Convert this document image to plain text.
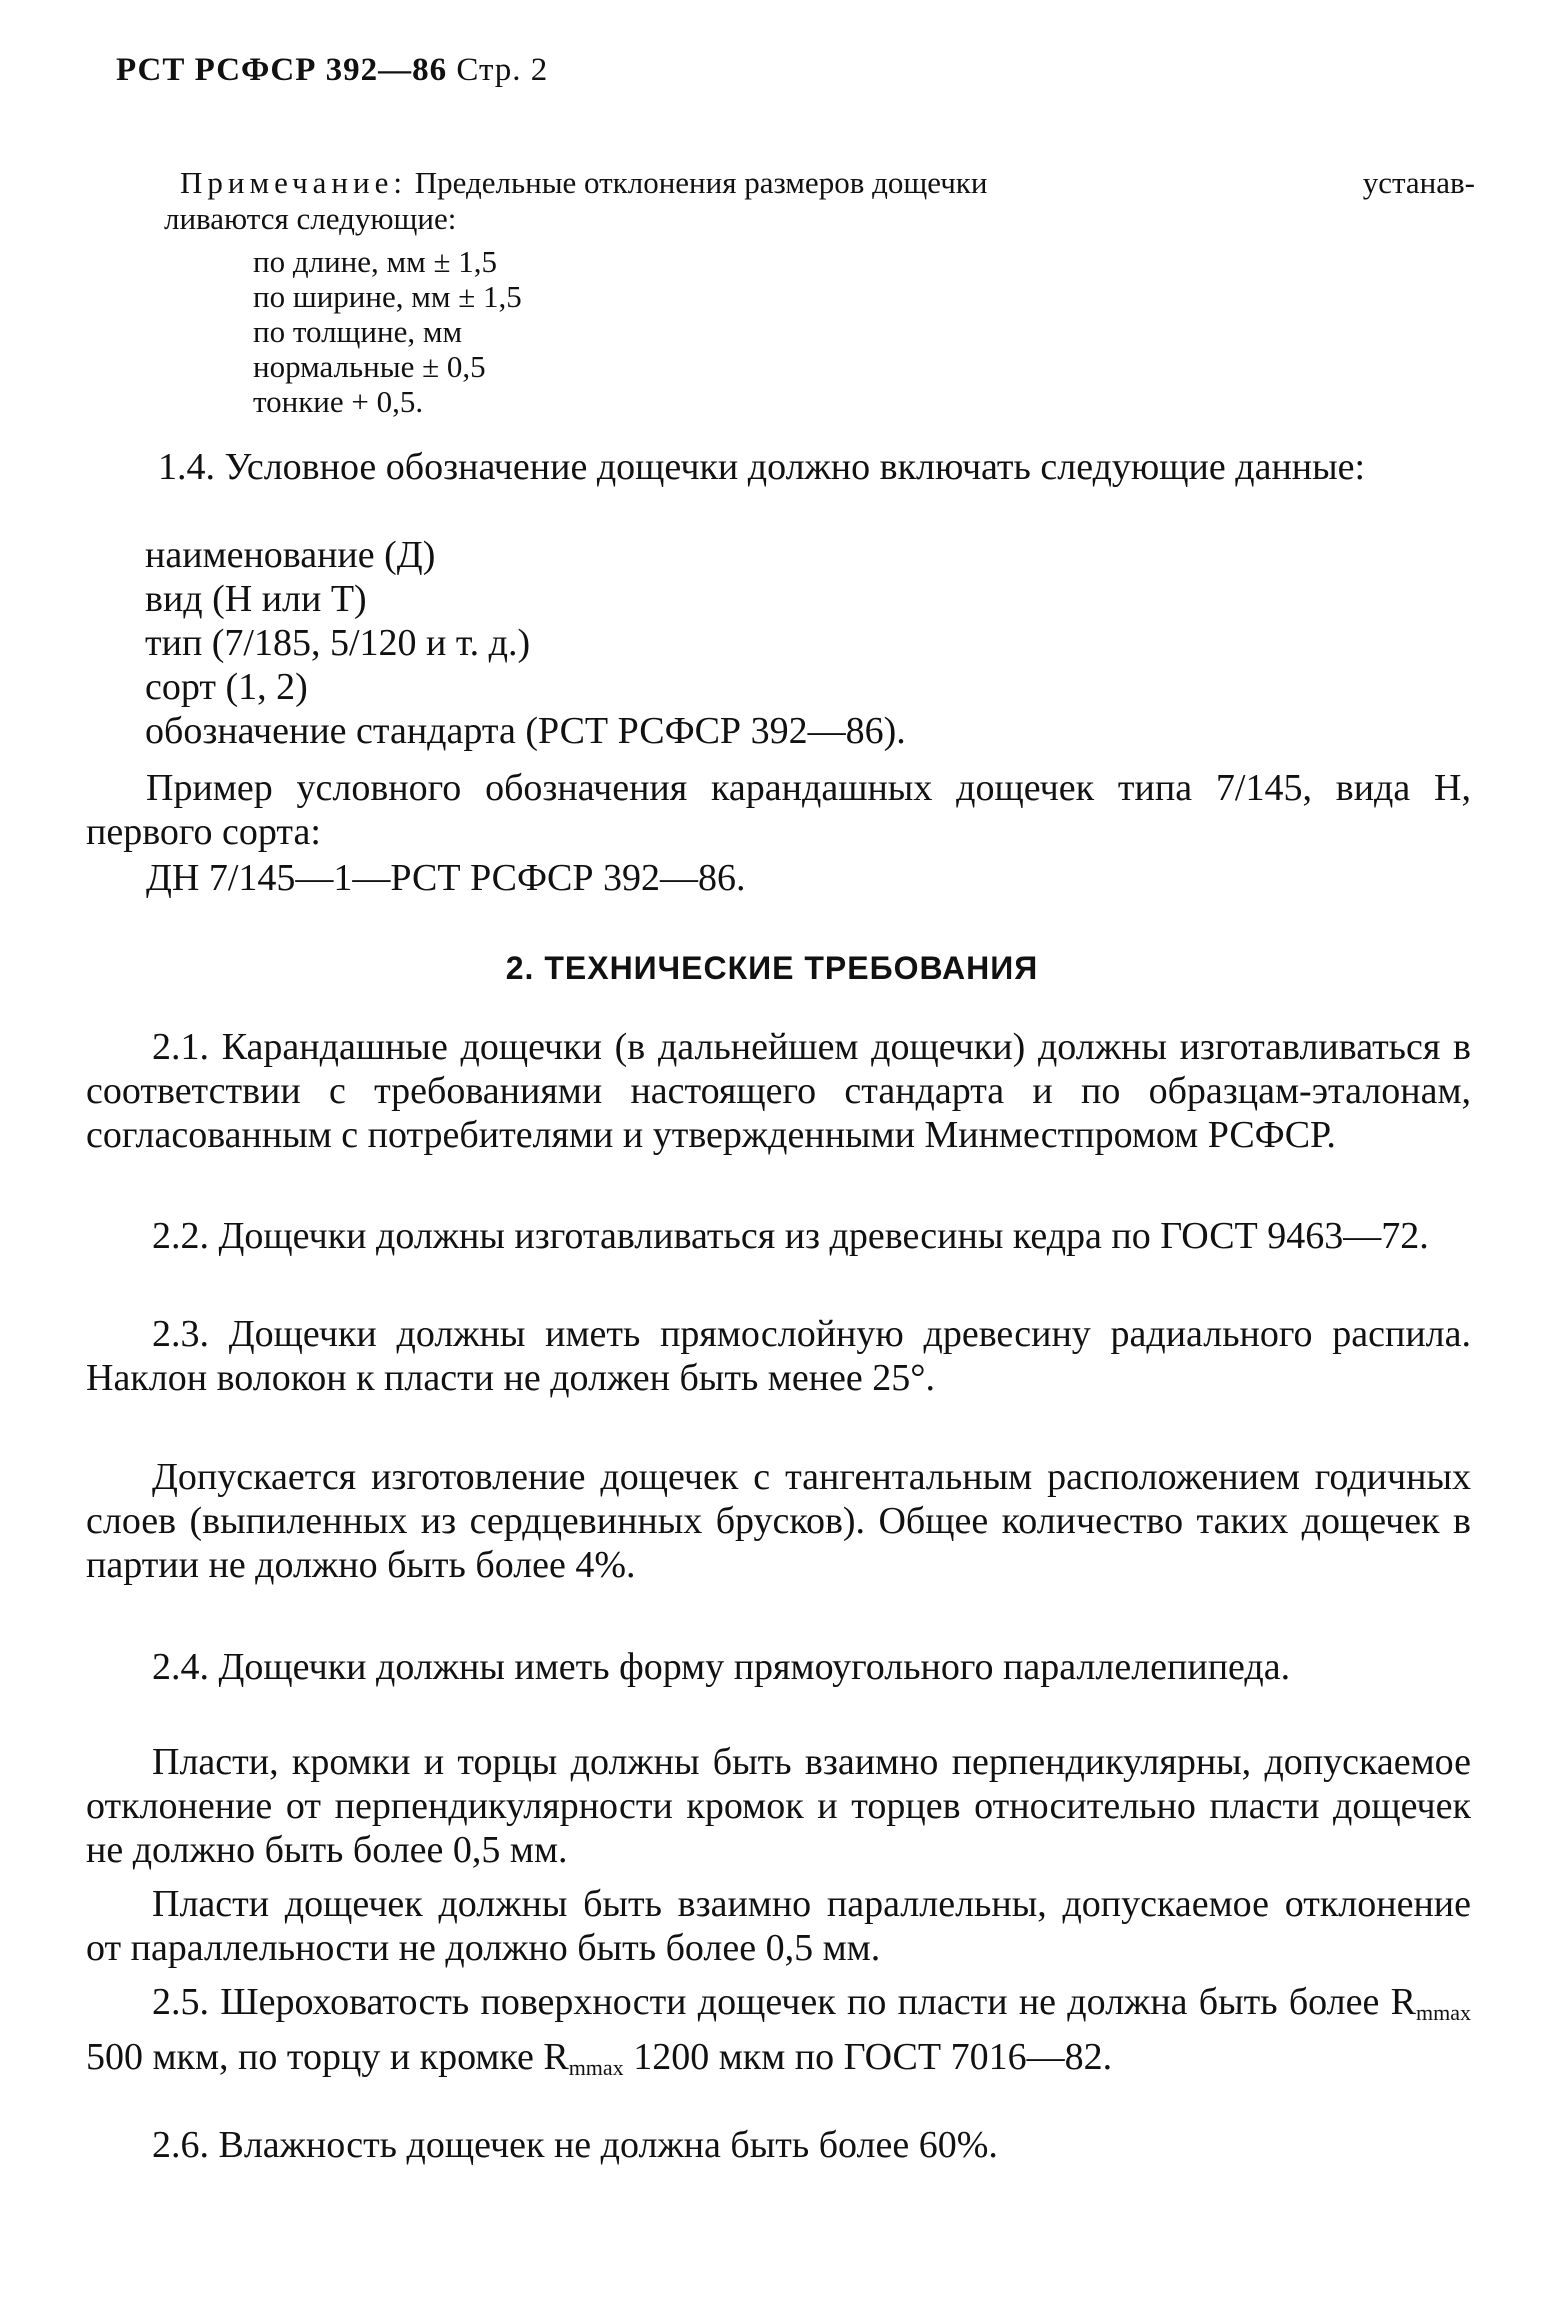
РСТ РСФСР 392—86 Стр. 2
Примечание: Предельные отклонения размеров дощечки	устанав-
ливаются следующие:
по длине, мм ± 1,5
по ширине, мм ± 1,5
по толщине, мм
нормальные ± 0,5
тонкие + 0,5.
1.4. Условное обозначение дощечки должно включать следующие данные:
наименование (Д)
вид (Н или Т)
тип (7/185, 5/120 и т. д.)
сорт (1, 2)
обозначение стандарта (РСТ РСФСР 392—86).
Пример условного обозначения карандашных дощечек типа 7/145, вида Н, первого сорта:
ДН 7/145—1—РСТ РСФСР 392—86.
2. ТЕХНИЧЕСКИЕ ТРЕБОВАНИЯ
2.1. Карандашные дощечки (в дальнейшем дощечки) должны изготавливаться в соответствии с требованиями настоящего стандарта и по образцам-эталонам, согласованным с потребителями и утвержденными Минместпромом РСФСР.
2.2. Дощечки должны изготавливаться из древесины кедра по ГОСТ 9463—72.
2.3. Дощечки должны иметь прямослойную древесину радиального распила. Наклон волокон к пласти не должен быть менее 25°.
Допускается изготовление дощечек с тангентальным расположением годичных слоев (выпиленных из сердцевинных брусков). Общее количество таких дощечек в партии не должно быть более 4%.
2.4. Дощечки должны иметь форму прямоугольного параллелепипеда.
Пласти, кромки и торцы должны быть взаимно перпендикулярны, допускаемое отклонение от перпендикулярности кромок и торцев относительно пласти дощечек не должно быть более 0,5 мм.
Пласти дощечек должны быть взаимно параллельны, допускаемое отклонение от параллельности не должно быть более 0,5 мм.
2.5. Шероховатость поверхности дощечек по пласти не должна быть более $R_{mmax}$ 500 мкм, по торцу и кромке $R_{mmax}$ 1200 мкм по ГОСТ 7016—82.
2.6. Влажность дощечек не должна быть более 60%.
